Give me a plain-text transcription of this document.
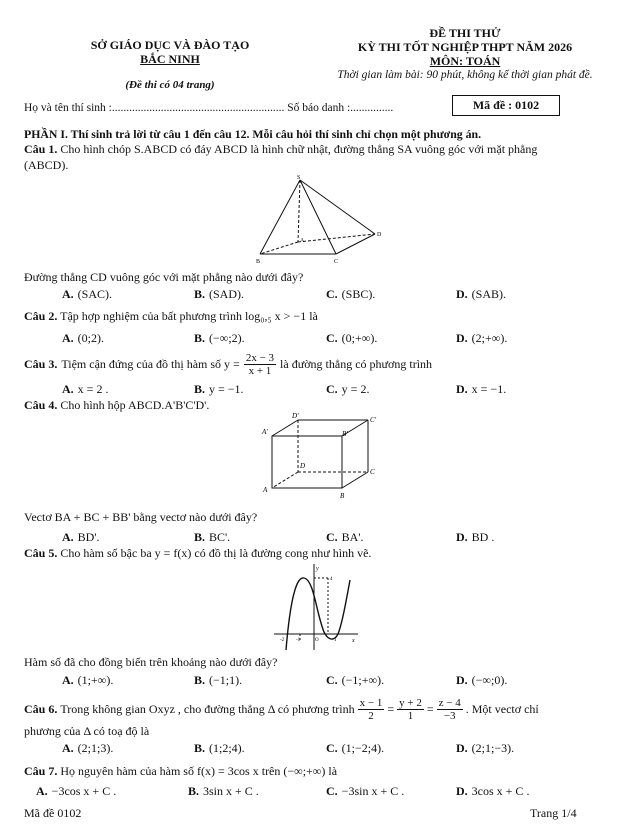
SỞ GIÁO DỤC VÀ ĐÀO TẠO
BẮC NINH
(Đề thi có 04 trang)
ĐỀ THI THỬ
KỲ THI TỐT NGHIỆP THPT NĂM 2026
MÔN: TOÁN
Thời gian làm bài: 90 phút, không kể thời gian phát đề.
Họ và tên thí sinh :............................................................ Số báo danh :...............	Mã đề : 0102
PHẦN I. Thí sinh trả lời từ câu 1 đến câu 12. Mỗi câu hỏi thí sinh chỉ chọn một phương án.
Câu 1. Cho hình chóp S.ABCD có đáy ABCD là hình chữ nhật, đường thẳng SA vuông góc với mặt phẳng
(ABCD).
S
A
B	C
D
Đường thẳng CD vuông góc với mặt phẳng nào dưới đây?
A. (SAC).	B. (SAD).	C. (SBC).	D. (SAB).
Câu 2. Tập hợp nghiệm của bất phương trình log₀,₅ x > −1 là
A. (0;2).	B. (−∞;2).	C. (0;+∞).	D. (2;+∞).
Câu 3. Tiệm cận đứng của đồ thị hàm số $y = \frac{2x - 3}{x + 1}$ là đường thẳng có phương trình
A. x = 2 .	B. y = −1.	C. y = 2.	D. x = −1.
Câu 4. Cho hình hộp ABCD.A'B'C'D'.
A'	B'
C'
D'
A
B
C
D
Vectơ BA + BC + BB' bằng vectơ nào dưới đây?
A. BD'.	B. BC'.	C. BA'.	D. BD .
Câu 5. Cho hàm số bậc ba y = f(x) có đồ thị là đường cong như hình vẽ.
y
x
O
-2 -1	1
4
Hàm số đã cho đồng biến trên khoảng nào dưới đây?
A. (1;+∞).	B. (−1;1).	C. (−1;+∞).	D. (−∞;0).
Câu 6. Trong không gian Oxyz , cho đường thẳng Δ có phương trình x − 1
2 = y + 2
1 = z − 4
−3 . Một vectơ chỉ
phương của Δ có toạ độ là
A. (2;1;3).	B. (1;2;4).	C. (1;−2;4).	D. (2;1;−3).
Câu 7. Họ nguyên hàm của hàm số f(x) = 3cos x trên (−∞;+∞) là
A. −3cos x + C .	B. 3sin x + C .	C. −3sin x + C .	D. 3cos x + C .
Mã đề 0102	Trang 1/4
